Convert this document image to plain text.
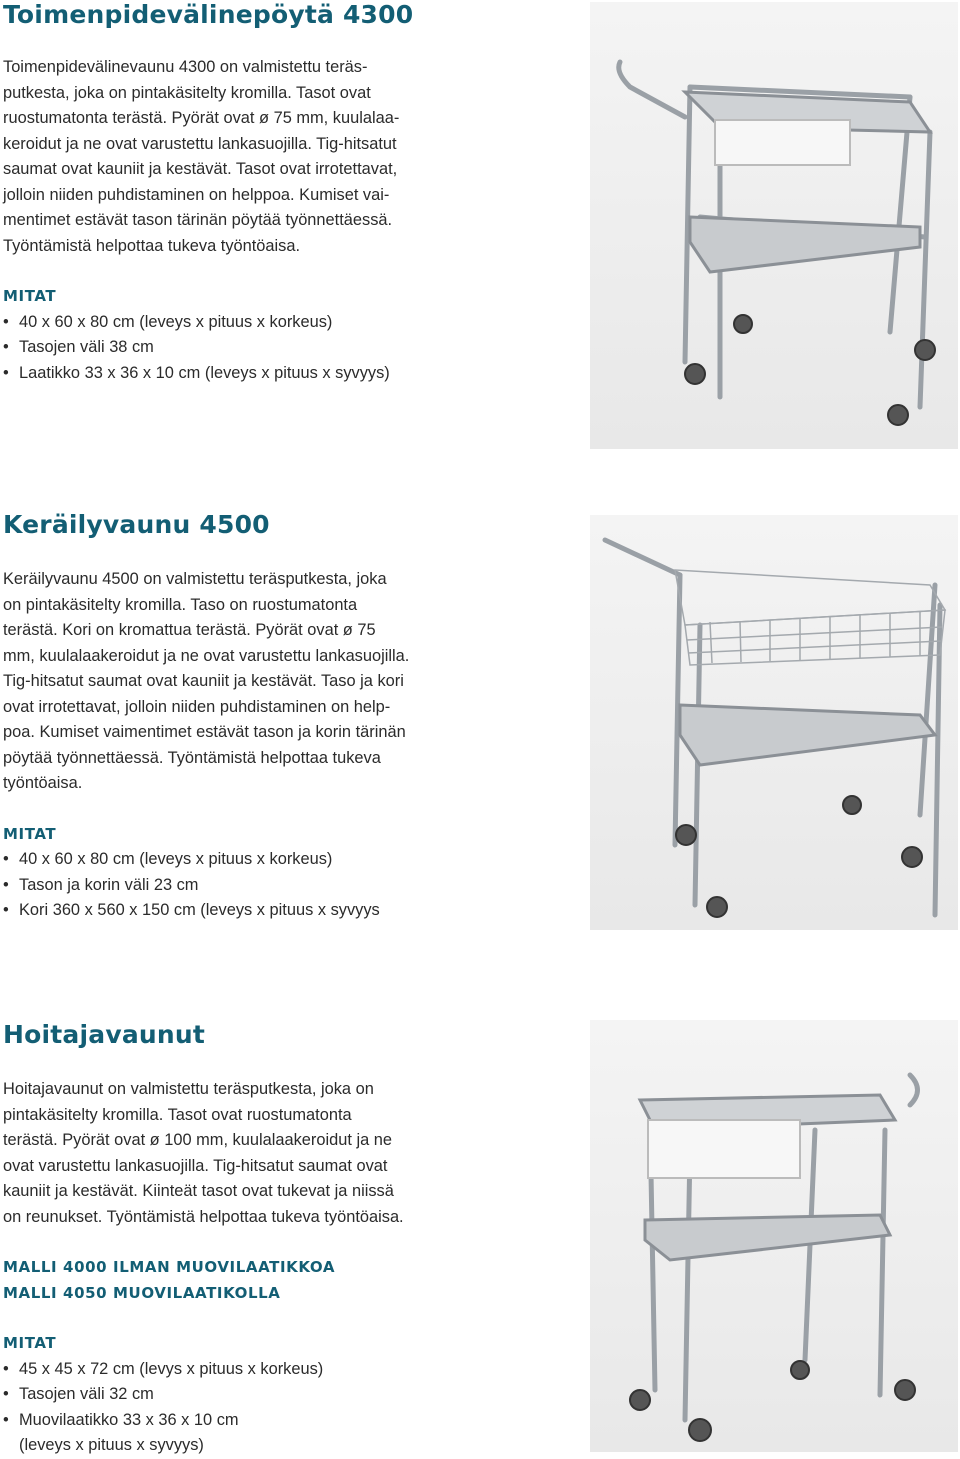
Toimenpidevälinepöytä 4300

Toimenpidevälinevaunu 4300 on valmistettu teräs-
putkesta, joka on pintakäsitelty kromilla. Tasot ovat
ruostumatonta terästä. Pyörät ovat ø 75 mm, kuulalaa-
keroidut ja ne ovat varustettu lankasuojilla. Tig-hitsatut
saumat ovat kauniit ja kestävät. Tasot ovat irrotettavat,
jolloin niiden puhdistaminen on helppoa. Kumiset vai-
mentimet estävät tason tärinän pöytää työnnettäessä.
Työntämistä helpottaa tukeva työntöaisa.

MITAT

• 40 x 60 x 80 cm (leveys x pituus x korkeus)
• Tasojen väli 38 cm
• Laatikko 33 x 36 x 10 cm (leveys x pituus x syvyys)
Keräilyvaunu 4500

Keräilyvaunu 4500 on valmistettu teräsputkesta, joka
on pintakäsitelty kromilla. Taso on ruostumatonta
terästä. Kori on kromattua terästä. Pyörät ovat ø 75
mm, kuulalaakeroidut ja ne ovat varustettu lankasuojilla.
Tig-hitsatut saumat ovat kauniit ja kestävät. Taso ja kori
ovat irrotettavat, jolloin niiden puhdistaminen on help-
poa. Kumiset vaimentimet estävät tason ja korin tärinän
pöytää työnnettäessä. Työntämistä helpottaa tukeva
työntöaisa.

MITAT

• 40 x 60 x 80 cm (leveys x pituus x korkeus)
• Tason ja korin väli 23 cm
• Kori 360 x 560 x 150 cm (leveys x pituus x syvyys
Hoitajavaunut

Hoitajavaunut on valmistettu teräsputkesta, joka on
pintakäsitelty kromilla. Tasot ovat ruostumatonta
terästä. Pyörät ovat ø 100 mm, kuulalaakeroidut ja ne
ovat varustettu lankasuojilla. Tig-hitsatut saumat ovat
kauniit ja kestävät. Kiinteät tasot ovat tukevat ja niissä
on reunukset. Työntämistä helpottaa tukeva työntöaisa.

MALLI 4000 ILMAN MUOVILAATIKKOA

MALLI 4050 MUOVILAATIKOLLA

MITAT

• 45 x 45 x 72 cm (levys x pituus x korkeus)
• Tasojen väli 32 cm
• Muovilaatikko 33 x 36 x 10 cm
(leveys x pituus x syvyys)
